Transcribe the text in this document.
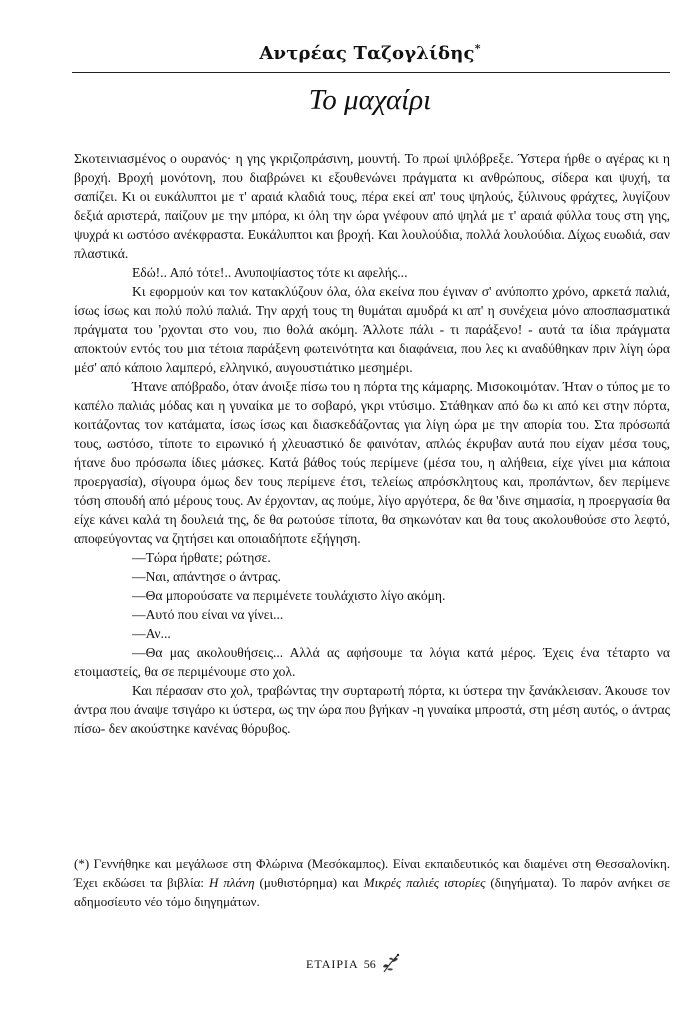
Αντρέας Ταζογλίδης*
Το μαχαίρι

Σκοτεινιασμένος ο ουρανός· η γης γκριζοπράσινη, μουντή. Το πρωί ψιλόβρεξε. Ύστερα ήρθε ο αγέρας κι η βροχή. Βροχή μονότονη, που διαβρώνει κι εξουθενώνει πράγματα κι ανθρώπους, σίδερα και ψυχή, τα σαπίζει. Κι οι ευκάλυπτοι με τ' αραιά κλαδιά τους, πέρα εκεί απ' τους ψηλούς, ξύλινους φράχτες, λυγίζουν δεξιά αριστερά, παίζουν με την μπόρα, κι όλη την ώρα γνέφουν από ψηλά με τ' αραιά φύλλα τους στη γης, ψυχρά κι ωστόσο ανέκφραστα. Ευκάλυπτοι και βροχή. Και λουλούδια, πολλά λουλούδια. Δίχως ευωδιά, σαν πλαστικά.

Εδώ!.. Από τότε!.. Ανυποψίαστος τότε κι αφελής...

Κι εφορμούν και τον κατακλύζουν όλα, όλα εκείνα που έγιναν σ' ανύποπτο χρόνο, αρκετά παλιά, ίσως ίσως και πολύ πολύ παλιά. Την αρχή τους τη θυμάται αμυδρά κι απ' η συνέχεια μόνο αποσπασματικά πράγματα του 'ρχονται στο νου, πιο θολά ακόμη. Άλλοτε πάλι - τι παράξενο! - αυτά τα ίδια πράγματα αποκτούν εντός του μια τέτοια παράξενη φωτεινότητα και διαφάνεια, που λες κι αναδύθηκαν πριν λίγη ώρα μέσ' από κάποιο λαμπερό, ελληνικό, αυγουστιάτικο μεσημέρι.

Ήτανε απόβραδο, όταν άνοιξε πίσω του η πόρτα της κάμαρης. Μισοκοιμόταν. Ήταν ο τύπος με το καπέλο παλιάς μόδας και η γυναίκα με το σοβαρό, γκρι ντύσιμο. Στάθηκαν από δω κι από κει στην πόρτα, κοιτάζοντας τον κατάματα, ίσως ίσως και διασκεδάζοντας για λίγη ώρα με την απορία του. Στα πρόσωπά τους, ωστόσο, τίποτε το ειρωνικό ή χλευαστικό δε φαινόταν, απλώς έκρυβαν αυτά που είχαν μέσα τους, ήτανε δυο πρόσωπα ίδιες μάσκες. Κατά βάθος τούς περίμενε (μέσα του, η αλήθεια, είχε γίνει μια κάποια προεργασία), σίγουρα όμως δεν τους περίμενε έτσι, τελείως απρόσκλητους και, προπάντων, δεν περίμενε τόση σπουδή από μέρους τους. Αν έρχονταν, ας πούμε, λίγο αργότερα, δε θα 'δινε σημασία, η προεργασία θα είχε κάνει καλά τη δουλειά της, δε θα ρωτούσε τίποτα, θα σηκωνόταν και θα τους ακολουθούσε στο λεφτό, αποφεύγοντας να ζητήσει και οποιαδήποτε εξήγηση.

—Τώρα ήρθατε; ρώτησε.

—Ναι, απάντησε ο άντρας.

—Θα μπορούσατε να περιμένετε τουλάχιστο λίγο ακόμη.

—Αυτό που είναι να γίνει...

—Αν...

—Θα μας ακολουθήσεις... Αλλά ας αφήσουμε τα λόγια κατά μέρος. Έχεις ένα τέταρτο να ετοιμαστείς, θα σε περιμένουμε στο χολ.

Και πέρασαν στο χολ, τραβώντας την συρταρωτή πόρτα, κι ύστερα την ξανάκλεισαν. Άκουσε τον άντρα που άναψε τσιγάρο κι ύστερα, ως την ώρα που βγήκαν -η γυναίκα μπροστά, στη μέση αυτός, ο άντρας πίσω- δεν ακούστηκε κανένας θόρυβος.

(*) Γεννήθηκε και μεγάλωσε στη Φλώρινα (Μεσόκαμπος). Είναι εκπαιδευτικός και διαμένει στη Θεσσαλονίκη. Έχει εκδώσει τα βιβλία: Η πλάνη (μυθιστόρημα) και Μικρές παλιές ιστορίες (διηγήματα). Το παρόν ανήκει σε αδημοσίευτο νέο τόμο διηγημάτων.
ΕΤΑΙΡΙΑ 56
